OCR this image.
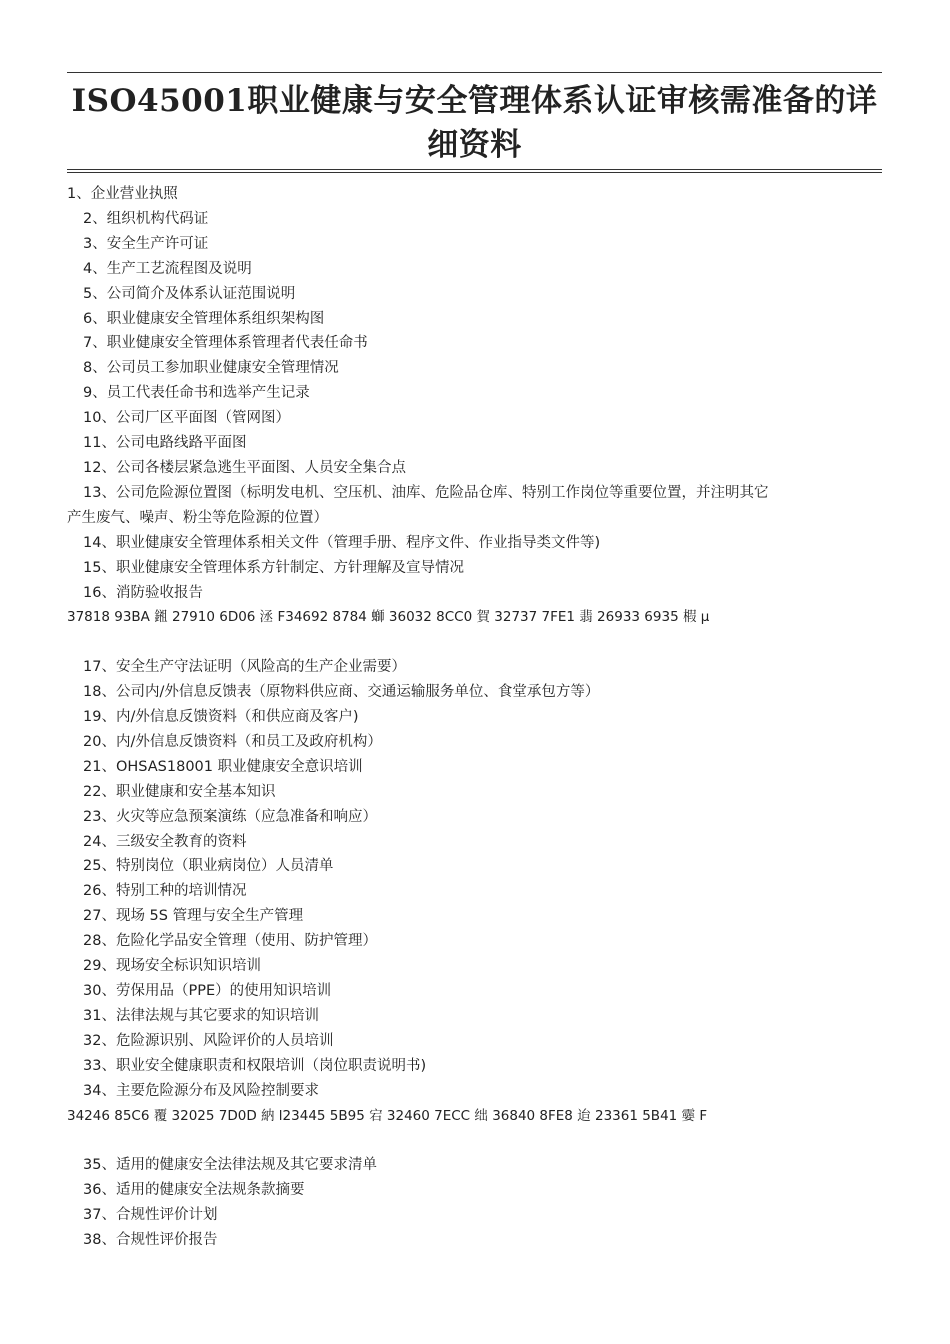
ISO45001职业健康与安全管理体系认证审核需准备的详细资料
1、企业营业执照
2、组织机构代码证
3、安全生产许可证
4、生产工艺流程图及说明
5、公司简介及体系认证范围说明
6、职业健康安全管理体系组织架构图
7、职业健康安全管理体系管理者代表任命书
8、公司员工参加职业健康安全管理情况
9、员工代表任命书和选举产生记录
10、公司厂区平面图（管网图）
11、公司电路线路平面图
12、公司各楼层紧急逃生平面图、人员安全集合点
13、公司危险源位置图（标明发电机、空压机、油库、危险品仓库、特别工作岗位等重要位置，并注明其它
产生废气、噪声、粉尘等危险源的位置）
14、职业健康安全管理体系相关文件（管理手册、程序文件、作业指导类文件等)
15、职业健康安全管理体系方针制定、方针理解及宣导情况
16、消防验收报告
37818 93BA 鎺 27910 6D06 洆 F34692 8784 螄 36032 8CC0 賀 32737 7FE1 翡 26933 6935 椵 µ
17、安全生产守法证明（风险高的生产企业需要）
18、公司内/外信息反馈表（原物料供应商、交通运输服务单位、食堂承包方等）
19、内/外信息反馈资料（和供应商及客户)
20、内/外信息反馈资料（和员工及政府机构）
21、OHSAS18001 职业健康安全意识培训
22、职业健康和安全基本知识
23、火灾等应急预案演练（应急准备和响应）
24、三级安全教育的资料
25、特别岗位（职业病岗位）人员清单
26、特别工种的培训情况
27、现场 5S 管理与安全生产管理
28、危险化学品安全管理（使用、防护管理）
29、现场安全标识知识培训
30、劳保用品（PPE）的使用知识培训
31、法律法规与其它要求的知识培训
32、危险源识别、风险评价的人员培训
33、职业安全健康职责和权限培训（岗位职责说明书)
34、主要危险源分布及风险控制要求
34246 85C6 覆 32025 7D0D 納 l23445 5B95 宕 32460 7ECC 绌 36840 8FE8 迨 23361 5B41 孁 F
35、适用的健康安全法律法规及其它要求清单
36、适用的健康安全法规条款摘要
37、合规性评价计划
38、合规性评价报告
